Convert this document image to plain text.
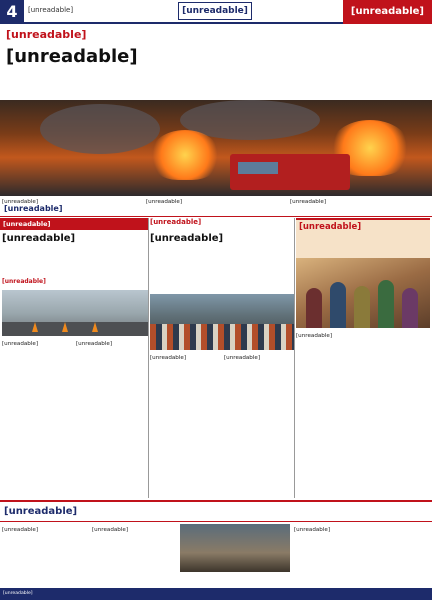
4	[unreadable]	[unreadable]	[unreadable]
[unreadable]
[unreadable]
[unreadable]
[unreadable]	[unreadable]	[unreadable]
[unreadable]
[unreadable]
[unreadable]
[unreadable]	[unreadable]
[unreadable]
[unreadable]
[unreadable]	[unreadable]
[unreadable]
[unreadable]
[unreadable]
[unreadable]	[unreadable]	[unreadable]
[unreadable]
